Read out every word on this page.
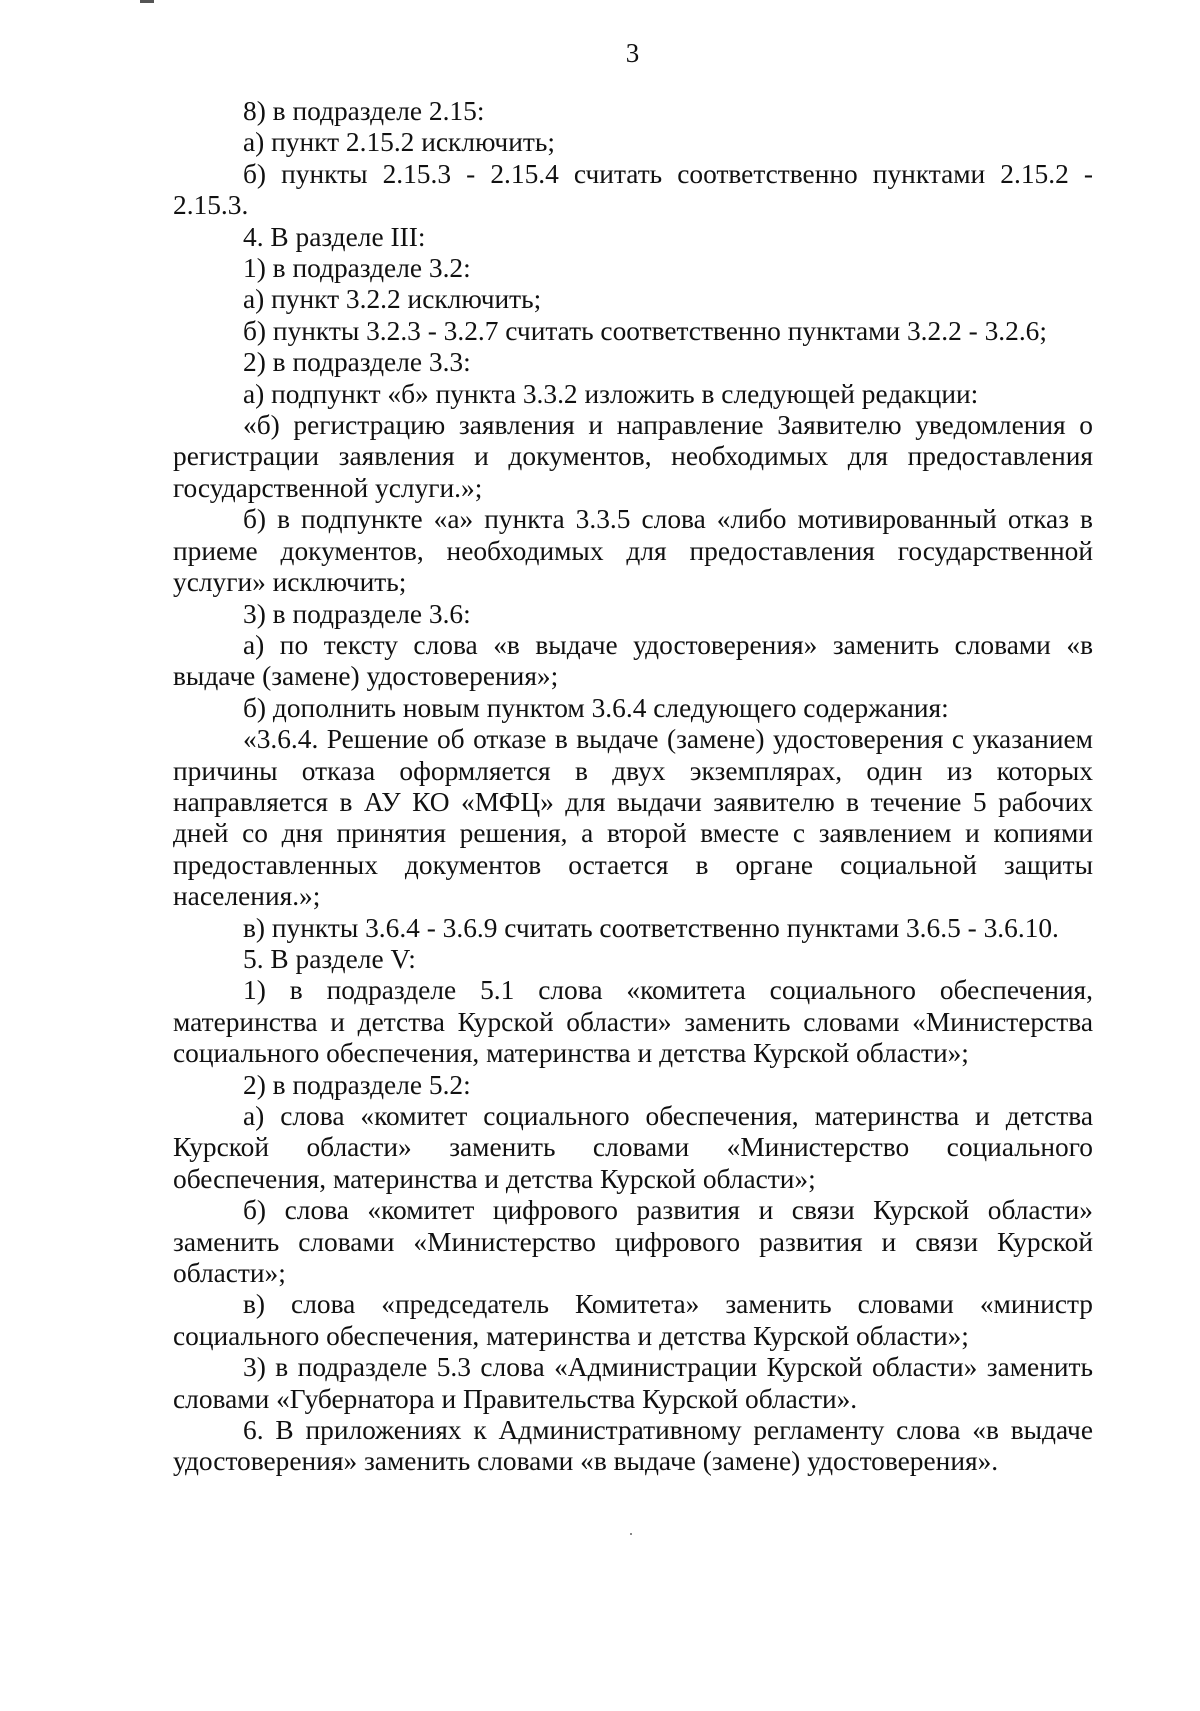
3

8) в подразделе 2.15:

а) пункт 2.15.2 исключить;

б) пункты 2.15.3 - 2.15.4 считать соответственно пунктами 2.15.2 - 2.15.3.

4. В разделе III:

1) в подразделе 3.2:

а) пункт 3.2.2 исключить;

б) пункты 3.2.3 - 3.2.7 считать соответственно пунктами 3.2.2 - 3.2.6;

2) в подразделе 3.3:

а) подпункт «б» пункта 3.3.2 изложить в следующей редакции:

«б) регистрацию заявления и направление Заявителю уведомления о регистрации заявления и документов, необходимых для предоставления государственной услуги.»;

б) в подпункте «а» пункта 3.3.5 слова «либо мотивированный отказ в приеме документов, необходимых для предоставления государственной услуги» исключить;

3) в подразделе 3.6:

а) по тексту слова «в выдаче удостоверения» заменить словами «в выдаче (замене) удостоверения»;

б) дополнить новым пунктом 3.6.4 следующего содержания:

«3.6.4. Решение об отказе в выдаче (замене) удостоверения с указанием причины отказа оформляется в двух экземплярах, один из которых направляется в АУ КО «МФЦ» для выдачи заявителю в течение 5 рабочих дней со дня принятия решения, а второй вместе с заявлением и копиями предоставленных документов остается в органе социальной защиты населения.»;

в) пункты 3.6.4 - 3.6.9 считать соответственно пунктами 3.6.5 - 3.6.10.

5. В разделе V:

1) в подразделе 5.1 слова «комитета социального обеспечения, материнства и детства Курской области» заменить словами «Министерства социального обеспечения, материнства и детства Курской области»;

2) в подразделе 5.2:

а) слова «комитет социального обеспечения, материнства и детства Курской области» заменить словами «Министерство социального обеспечения, материнства и детства Курской области»;

б) слова «комитет цифрового развития и связи Курской области» заменить словами «Министерство цифрового развития и связи Курской области»;

в) слова «председатель Комитета» заменить словами «министр социального обеспечения, материнства и детства Курской области»;

3) в подразделе 5.3 слова «Администрации Курской области» заменить словами «Губернатора и Правительства Курской области».

6. В приложениях к Административному регламенту слова «в выдаче удостоверения» заменить словами «в выдаче (замене) удостоверения».
